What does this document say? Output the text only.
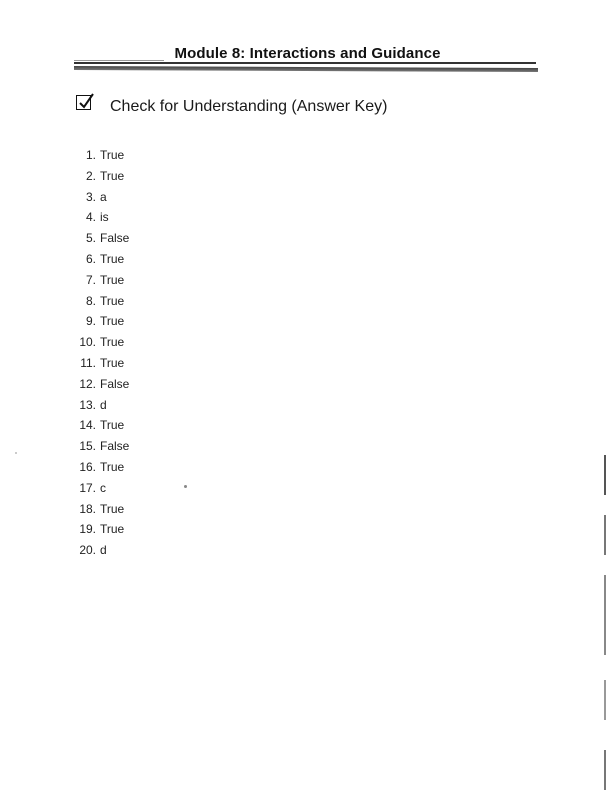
Module 8: Interactions and Guidance
Check for Understanding (Answer Key)
1. True
2. True
3. a
4. is
5. False
6. True
7. True
8. True
9. True
10. True
11. True
12. False
13. d
14. True
15. False
16. True
17. c
18. True
19. True
20. d
